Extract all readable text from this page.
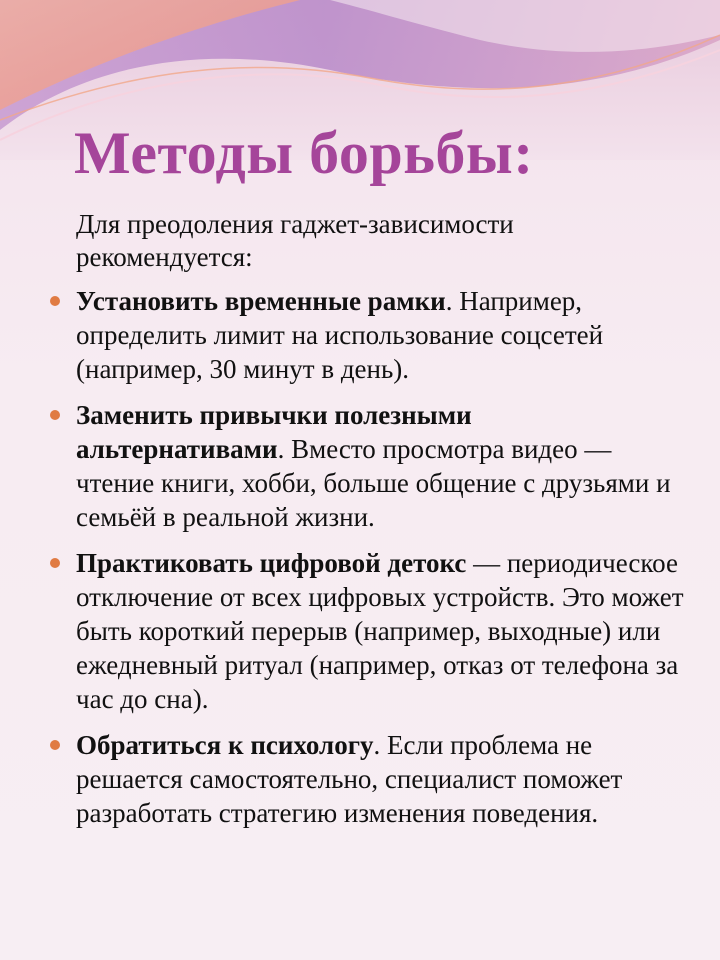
Методы борьбы:

Для преодоления гаджет-зависимости рекомендуется:

Установить временные рамки. Например, определить лимит на использование соцсетей (например, 30 минут в день).
Заменить привычки полезными альтернативами. Вместо просмотра видео — чтение книги, хобби, больше общение с друзьями и семьёй в реальной жизни.
Практиковать цифровой детокс — периодическое отключение от всех цифровых устройств. Это может быть короткий перерыв (например, выходные) или ежедневный ритуал (например, отказ от телефона за час до сна).
Обратиться к психологу. Если проблема не решается самостоятельно, специалист поможет разработать стратегию изменения поведения.
